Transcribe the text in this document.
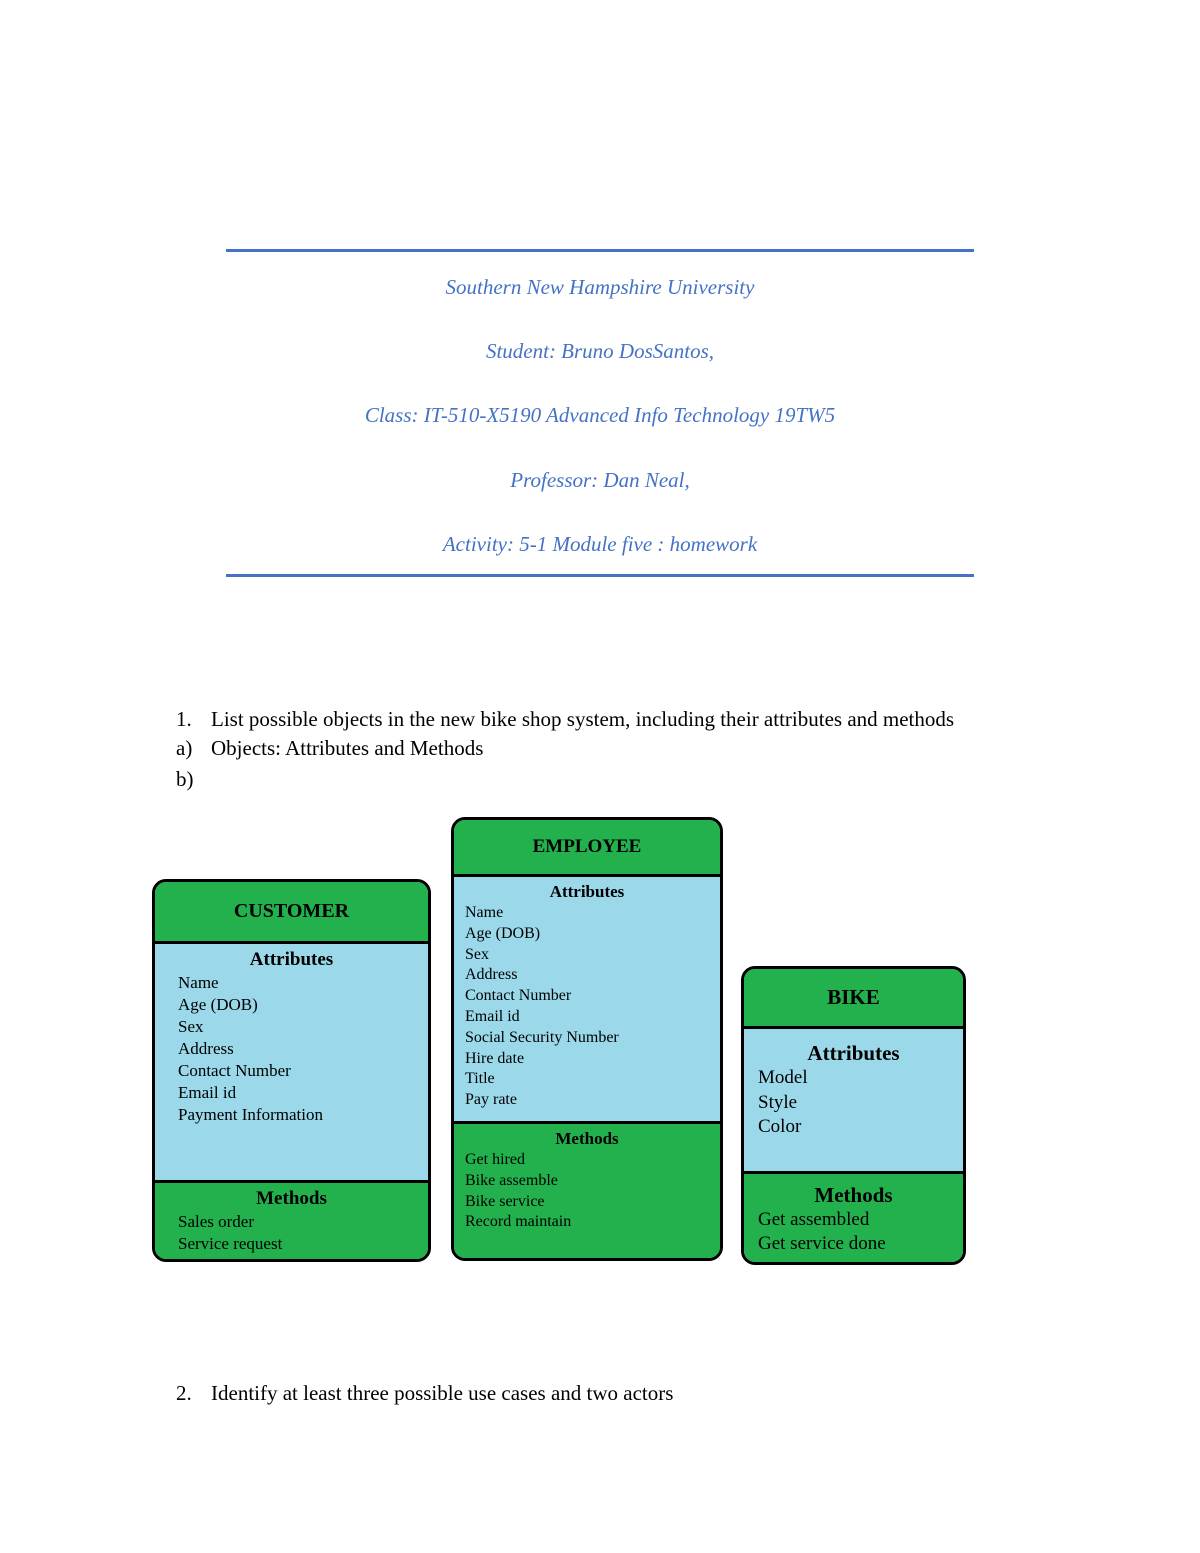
Southern New Hampshire University
Student: Bruno DosSantos,
Class: IT-510-X5190 Advanced Info Technology 19TW5
Professor: Dan Neal,
Activity: 5-1 Module five : homework
1. List possible objects in the new bike shop system, including their attributes and methods
a) Objects: Attributes and Methods
b)
2. Identify at least three possible use cases and two actors
CUSTOMER
Attributes
Name
Age (DOB)
Sex
Address
Contact Number
Email id
Payment Information
Methods
Sales order
Service request
EMPLOYEE
Attributes
Name
Age (DOB)
Sex
Address
Contact Number
Email id
Social Security Number
Hire date
Title
Pay rate
Methods
Get hired
Bike assemble
Bike service
Record maintain
BIKE
Attributes
Model
Style
Color
Methods
Get assembled
Get service done
